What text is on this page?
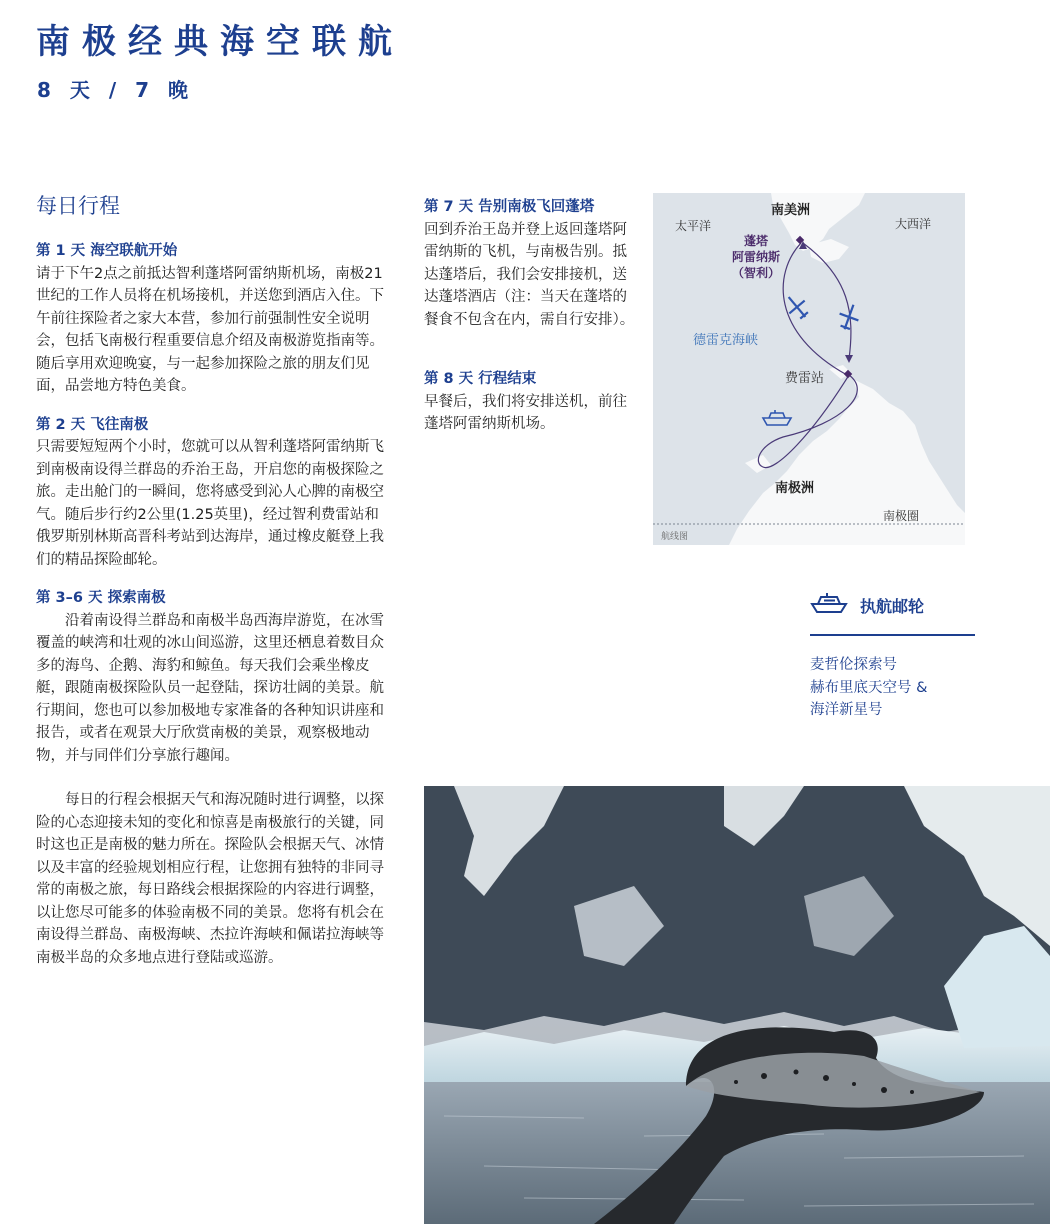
南极经典海空联航
8 天 / 7 晚
每日行程
第 1 天 海空联航开始

请于下午2点之前抵达智利蓬塔阿雷纳斯机场，南极21世纪的工作人员将在机场接机，并送您到酒店入住。下午前往探险者之家大本营，参加行前强制性安全说明会，包括飞南极行程重要信息介绍及南极游览指南等。随后享用欢迎晚宴，与一起参加探险之旅的朋友们见面，品尝地方特色美食。

第 2 天 飞往南极

只需要短短两个小时，您就可以从智利蓬塔阿雷纳斯飞到南极南设得兰群岛的乔治王岛，开启您的南极探险之旅。走出舱门的一瞬间，您将感受到沁人心脾的南极空气。随后步行约2公里(1.25英里)，经过智利费雷站和俄罗斯别林斯高晋科考站到达海岸，通过橡皮艇登上我们的精品探险邮轮。

第 3–6 天 探索南极

沿着南设得兰群岛和南极半岛西海岸游览，在冰雪覆盖的峡湾和壮观的冰山间巡游，这里还栖息着数目众多的海鸟、企鹅、海豹和鲸鱼。每天我们会乘坐橡皮艇，跟随南极探险队员一起登陆，探访壮阔的美景。航行期间，您也可以参加极地专家准备的各种知识讲座和报告，或者在观景大厅欣赏南极的美景，观察极地动物，并与同伴们分享旅行趣闻。

每日的行程会根据天气和海况随时进行调整，以探险的心态迎接未知的变化和惊喜是南极旅行的关键，同时这也正是南极的魅力所在。探险队会根据天气、冰情以及丰富的经验规划相应行程，让您拥有独特的非同寻常的南极之旅，每日路线会根据探险的内容进行调整，以让您尽可能多的体验南极不同的美景。您将有机会在南设得兰群岛、南极海峡、杰拉许海峡和佩诺拉海峡等南极半岛的众多地点进行登陆或巡游。

第 7 天 告别南极飞回蓬塔

回到乔治王岛并登上返回蓬塔阿雷纳斯的飞机，与南极告别。抵达蓬塔后，我们会安排接机，送达蓬塔酒店（注：当天在蓬塔的餐食不包含在内，需自行安排）。

第 8 天 行程结束

早餐后，我们将安排送机，前往蓬塔阿雷纳斯机场。

南美洲
太平洋	大西洋
蓬塔
阿雷纳斯
（智利）
德雷克海峡
费雷站
南极洲
南极圈
航线图
执航邮轮
麦哲伦探索号
赫布里底天空号 &
海洋新星号
